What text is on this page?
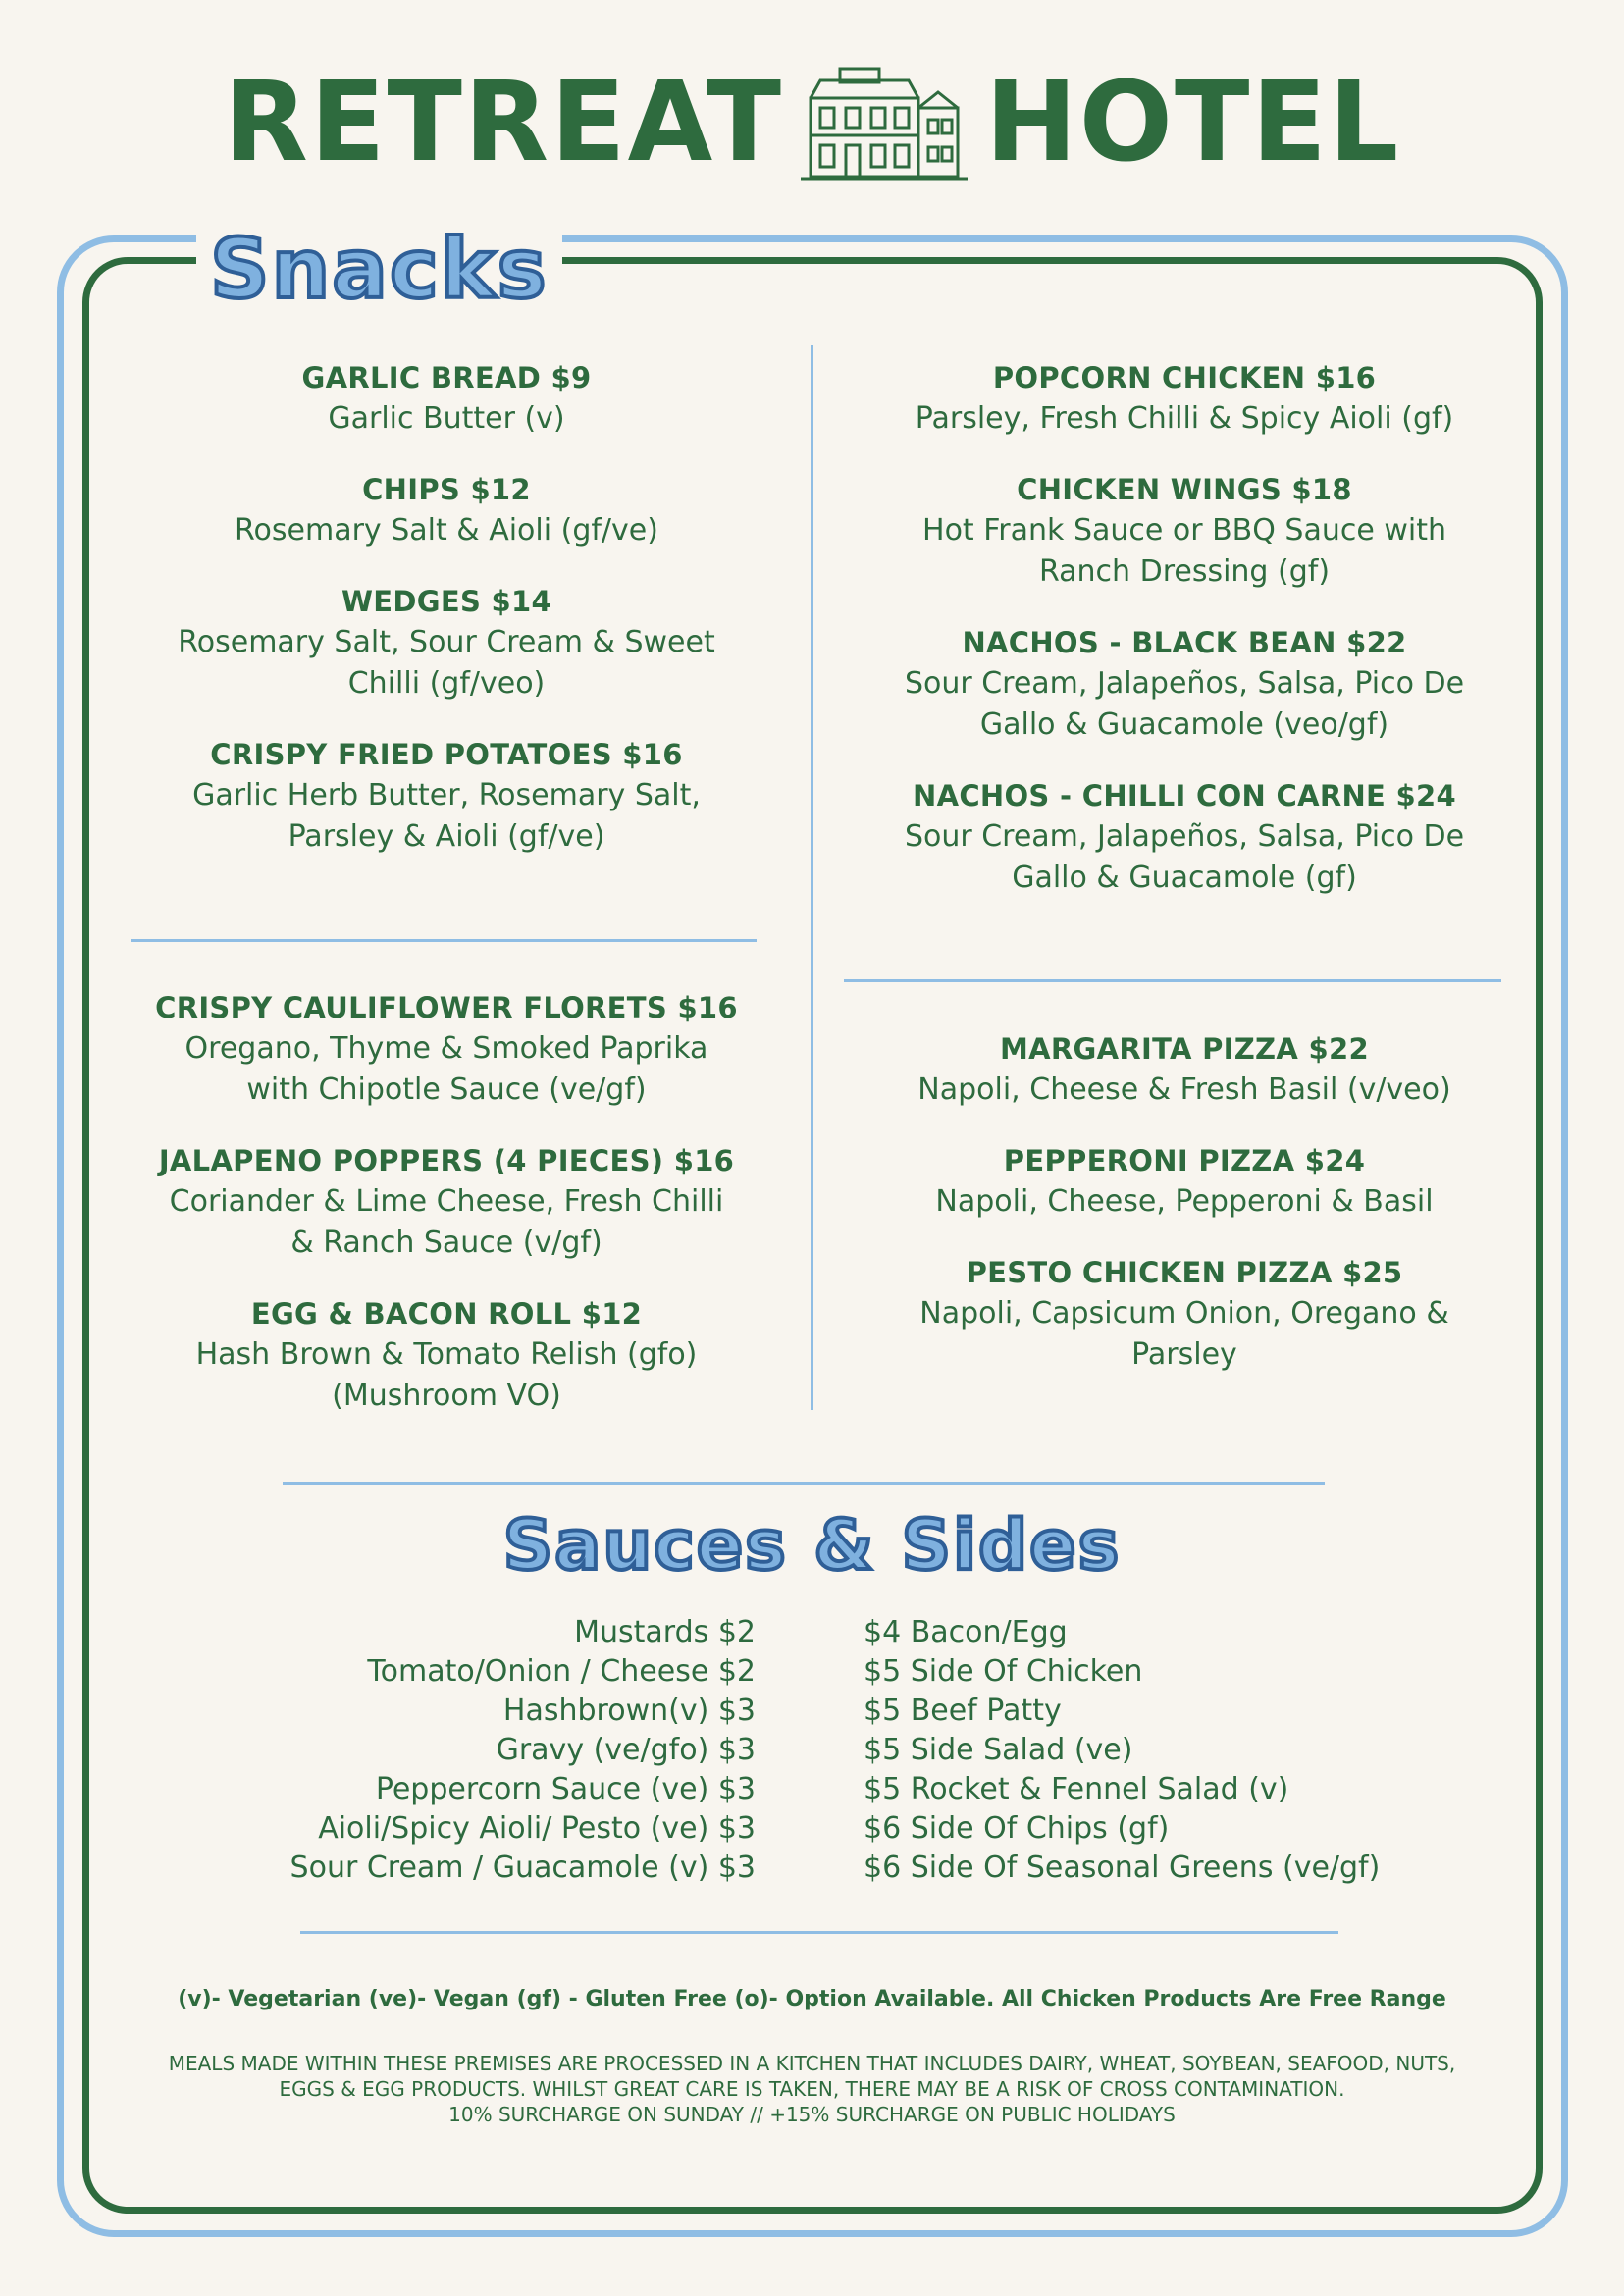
RETREAT HOTEL
Snacks
GARLIC BREAD $9
Garlic Butter (v)
CHIPS $12
Rosemary Salt & Aioli (gf/ve)
WEDGES $14
Rosemary Salt, Sour Cream & Sweet
Chilli (gf/veo)
CRISPY FRIED POTATOES $16
Garlic Herb Butter, Rosemary Salt,
Parsley & Aioli (gf/ve)
CRISPY CAULIFLOWER FLORETS $16
Oregano, Thyme & Smoked Paprika
with Chipotle Sauce (ve/gf)
JALAPENO POPPERS (4 PIECES) $16
Coriander & Lime Cheese, Fresh Chilli
& Ranch Sauce (v/gf)
EGG & BACON ROLL $12
Hash Brown & Tomato Relish (gfo)
(Mushroom VO)
POPCORN CHICKEN $16
Parsley, Fresh Chilli & Spicy Aioli (gf)
CHICKEN WINGS $18
Hot Frank Sauce or BBQ Sauce with
Ranch Dressing (gf)
NACHOS - BLACK BEAN $22
Sour Cream, Jalapeños, Salsa, Pico De
Gallo & Guacamole (veo/gf)
NACHOS - CHILLI CON CARNE $24
Sour Cream, Jalapeños, Salsa, Pico De
Gallo & Guacamole (gf)
MARGARITA PIZZA $22
Napoli, Cheese & Fresh Basil (v/veo)
PEPPERONI PIZZA $24
Napoli, Cheese, Pepperoni & Basil
PESTO CHICKEN PIZZA $25
Napoli, Capsicum Onion, Oregano &
Parsley
Sauces & Sides
Mustards $2
Tomato/Onion / Cheese $2
Hashbrown(v) $3
Gravy (ve/gfo) $3
Peppercorn Sauce (ve) $3
Aioli/Spicy Aioli/ Pesto (ve) $3
Sour Cream / Guacamole (v) $3
$4 Bacon/Egg
$5 Side Of Chicken
$5 Beef Patty
$5 Side Salad (ve)
$5 Rocket & Fennel Salad (v)
$6 Side Of Chips (gf)
$6 Side Of Seasonal Greens (ve/gf)
(v)- Vegetarian (ve)- Vegan (gf) - Gluten Free (o)- Option Available. All Chicken Products Are Free Range
MEALS MADE WITHIN THESE PREMISES ARE PROCESSED IN A KITCHEN THAT INCLUDES DAIRY, WHEAT, SOYBEAN, SEAFOOD, NUTS,
EGGS & EGG PRODUCTS. WHILST GREAT CARE IS TAKEN, THERE MAY BE A RISK OF CROSS CONTAMINATION.
10% SURCHARGE ON SUNDAY // +15% SURCHARGE ON PUBLIC HOLIDAYS
